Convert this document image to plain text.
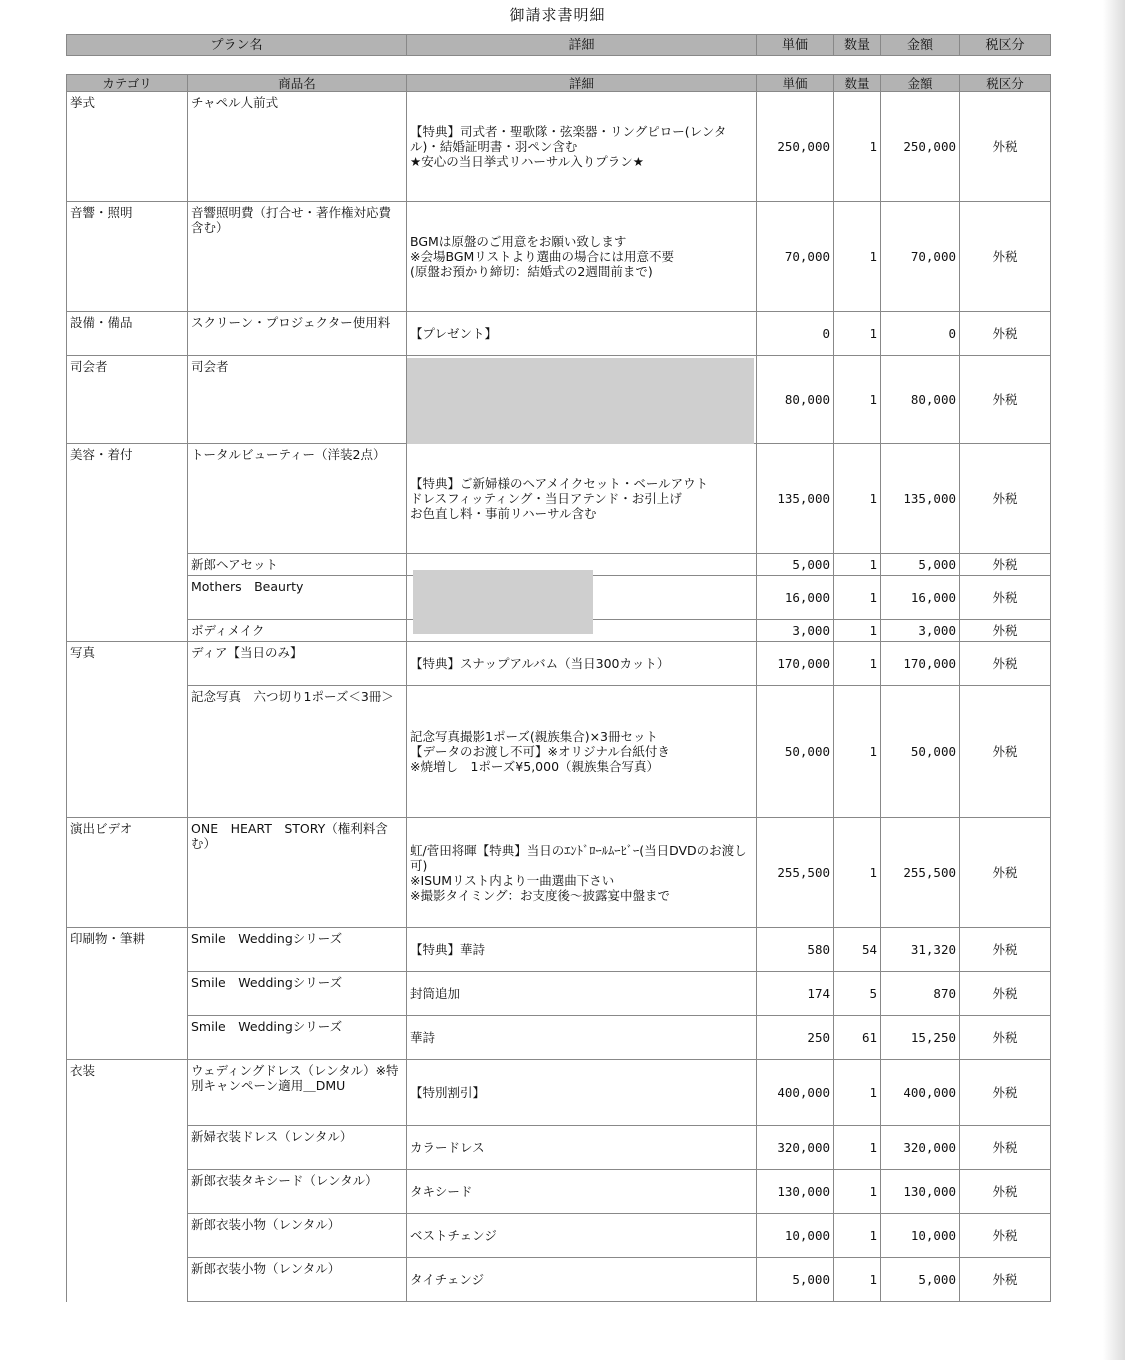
御請求書明細
プラン名	詳細	単価	数量	金額	税区分
カテゴリ	商品名	詳細	単価	数量	金額	税区分
挙式	チャペル人前式	【特典】司式者・聖歌隊・弦楽器・リングピロー(レンタル)・結婚証明書・羽ペン含む
★安心の当日挙式リハーサル入りプラン★	250,000	1	250,000	外税
音響・照明	音響照明費（打合せ・著作権対応費含む）	BGMは原盤のご用意をお願い致します
※会場BGMリストより選曲の場合には用意不要
(原盤お預かり締切：結婚式の2週間前まで)	70,000	1	70,000	外税
設備・備品	スクリーン・プロジェクター使用料	【プレゼント】	0	1	0	外税
司会者	司会者		80,000	1	80,000	外税
美容・着付	トータルビューティー（洋装2点）	【特典】ご新婦様のヘアメイクセット・ベールアウト
ドレスフィッティング・当日アテンド・お引上げ
お色直し料・事前リハーサル含む	135,000	1	135,000	外税
	新郎ヘアセット		5,000	1	5,000	外税
	Mothers　Beaurty		16,000	1	16,000	外税
	ボディメイク		3,000	1	3,000	外税
写真	ディア【当日のみ】	【特典】スナップアルバム（当日300カット）	170,000	1	170,000	外税
	記念写真　六つ切り1ポーズ＜3冊＞	記念写真撮影1ポーズ(親族集合)×3冊セット
【データのお渡し不可】※オリジナル台紙付き
※焼増し　1ポーズ¥5,000（親族集合写真）	50,000	1	50,000	外税
演出ビデオ	ONE　HEART　STORY（権利料含む）	虹/菅田将暉【特典】当日のｴﾝﾄﾞﾛｰﾙﾑｰﾋﾞｰ(当日DVDのお渡し可)
※ISUMリスト内より一曲選曲下さい
※撮影タイミング：お支度後～披露宴中盤まで	255,500	1	255,500	外税
印刷物・筆耕	Smile　Weddingシリーズ	【特典】華詩	580	54	31,320	外税
	Smile　Weddingシリーズ	封筒追加	174	5	870	外税
	Smile　Weddingシリーズ	華詩	250	61	15,250	外税
衣装	ウェディングドレス（レンタル）※特別キャンペーン適用＿DMU	【特別割引】	400,000	1	400,000	外税
	新婦衣装ドレス（レンタル）	カラードレス	320,000	1	320,000	外税
	新郎衣装タキシード（レンタル）	タキシード	130,000	1	130,000	外税
	新郎衣装小物（レンタル）	ベストチェンジ	10,000	1	10,000	外税
	新郎衣装小物（レンタル）	タイチェンジ	5,000	1	5,000	外税
